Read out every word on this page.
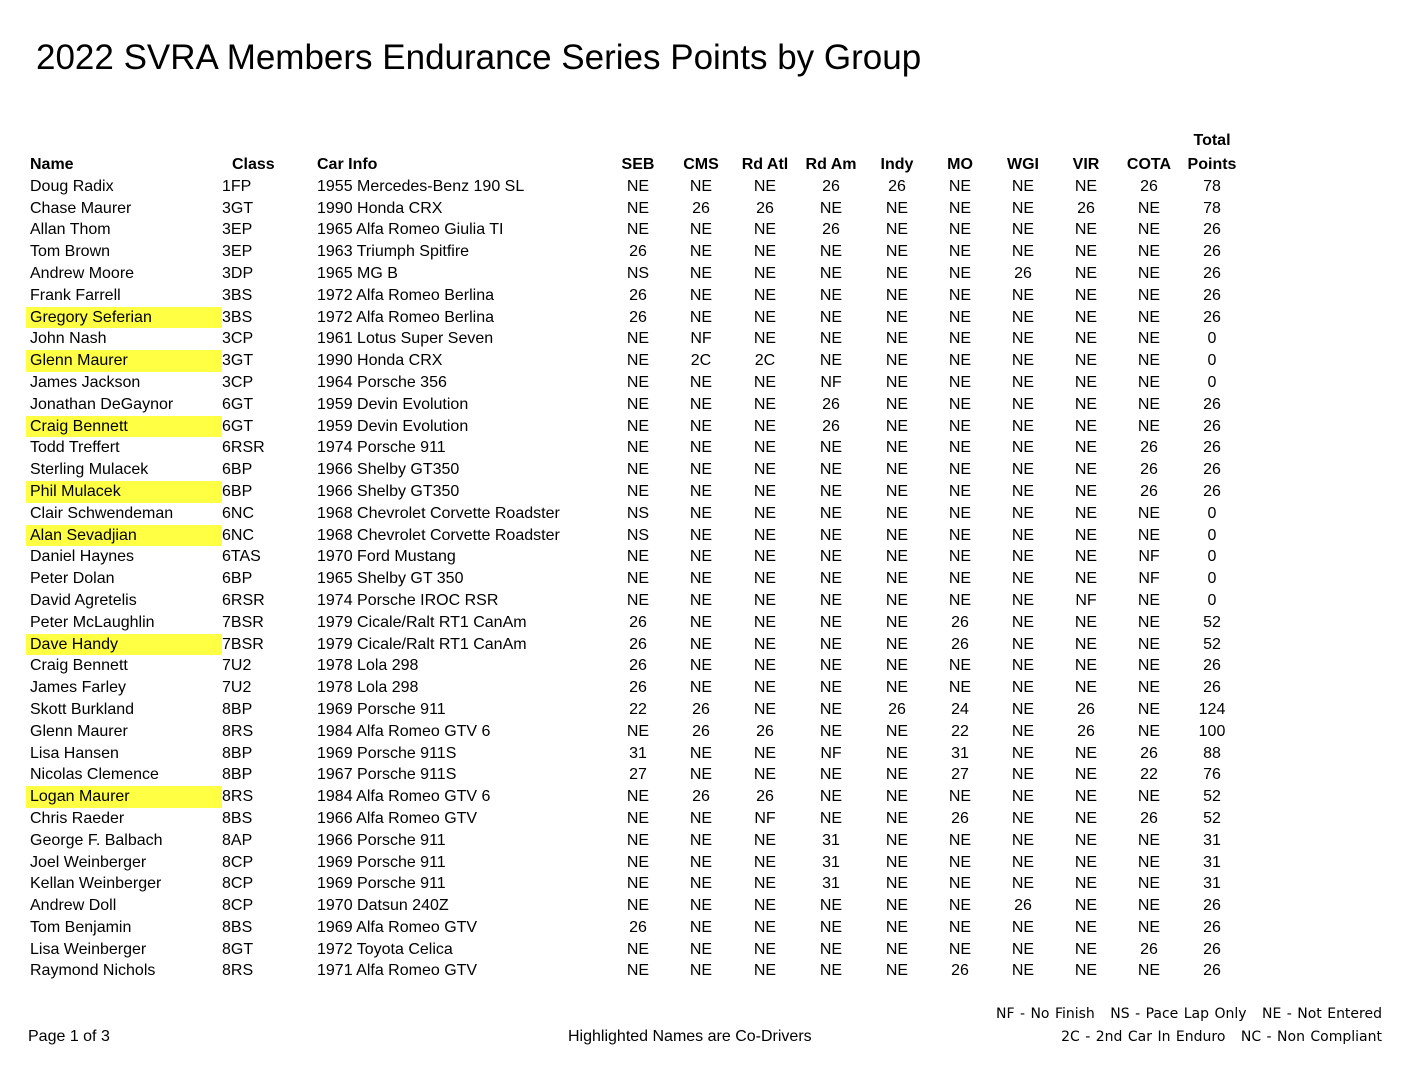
2022 SVRA Members Endurance Series Points by Group
												Total
Name	Class	Car Info	SEB	CMS	Rd Atl	Rd Am	Indy	MO	WGI	VIR	COTA	Points
Doug Radix	1FP	1955 Mercedes-Benz 190 SL	NE	NE	NE	26	26	NE	NE	NE	26	78
Chase Maurer	3GT	1990 Honda CRX	NE	26	26	NE	NE	NE	NE	26	NE	78
Allan Thom	3EP	1965 Alfa Romeo Giulia TI	NE	NE	NE	26	NE	NE	NE	NE	NE	26
Tom Brown	3EP	1963 Triumph Spitfire	26	NE	NE	NE	NE	NE	NE	NE	NE	26
Andrew Moore	3DP	1965 MG B	NS	NE	NE	NE	NE	NE	26	NE	NE	26
Frank Farrell	3BS	1972 Alfa Romeo Berlina	26	NE	NE	NE	NE	NE	NE	NE	NE	26
Gregory Seferian	3BS	1972 Alfa Romeo Berlina	26	NE	NE	NE	NE	NE	NE	NE	NE	26
John Nash	3CP	1961 Lotus Super Seven	NE	NF	NE	NE	NE	NE	NE	NE	NE	0
Glenn Maurer	3GT	1990 Honda CRX	NE	2C	2C	NE	NE	NE	NE	NE	NE	0
James Jackson	3CP	1964 Porsche 356	NE	NE	NE	NF	NE	NE	NE	NE	NE	0
Jonathan DeGaynor	6GT	1959 Devin Evolution	NE	NE	NE	26	NE	NE	NE	NE	NE	26
Craig Bennett	6GT	1959 Devin Evolution	NE	NE	NE	26	NE	NE	NE	NE	NE	26
Todd Treffert	6RSR	1974 Porsche 911	NE	NE	NE	NE	NE	NE	NE	NE	26	26
Sterling Mulacek	6BP	1966 Shelby GT350	NE	NE	NE	NE	NE	NE	NE	NE	26	26
Phil Mulacek	6BP	1966 Shelby GT350	NE	NE	NE	NE	NE	NE	NE	NE	26	26
Clair Schwendeman	6NC	1968 Chevrolet Corvette Roadster	NS	NE	NE	NE	NE	NE	NE	NE	NE	0
Alan Sevadjian	6NC	1968 Chevrolet Corvette Roadster	NS	NE	NE	NE	NE	NE	NE	NE	NE	0
Daniel Haynes	6TAS	1970 Ford Mustang	NE	NE	NE	NE	NE	NE	NE	NE	NF	0
Peter Dolan	6BP	1965 Shelby GT 350	NE	NE	NE	NE	NE	NE	NE	NE	NF	0
David Agretelis	6RSR	1974 Porsche IROC RSR	NE	NE	NE	NE	NE	NE	NE	NF	NE	0
Peter McLaughlin	7BSR	1979 Cicale/Ralt RT1 CanAm	26	NE	NE	NE	NE	26	NE	NE	NE	52
Dave Handy	7BSR	1979 Cicale/Ralt RT1 CanAm	26	NE	NE	NE	NE	26	NE	NE	NE	52
Craig Bennett	7U2	1978 Lola 298	26	NE	NE	NE	NE	NE	NE	NE	NE	26
James Farley	7U2	1978 Lola 298	26	NE	NE	NE	NE	NE	NE	NE	NE	26
Skott Burkland	8BP	1969 Porsche 911	22	26	NE	NE	26	24	NE	26	NE	124
Glenn Maurer	8RS	1984 Alfa Romeo GTV 6	NE	26	26	NE	NE	22	NE	26	NE	100
Lisa Hansen	8BP	1969 Porsche 911S	31	NE	NE	NF	NE	31	NE	NE	26	88
Nicolas Clemence	8BP	1967 Porsche 911S	27	NE	NE	NE	NE	27	NE	NE	22	76
Logan Maurer	8RS	1984 Alfa Romeo GTV 6	NE	26	26	NE	NE	NE	NE	NE	NE	52
Chris Raeder	8BS	1966 Alfa Romeo GTV	NE	NE	NF	NE	NE	26	NE	NE	26	52
George F. Balbach	8AP	1966 Porsche 911	NE	NE	NE	31	NE	NE	NE	NE	NE	31
Joel Weinberger	8CP	1969 Porsche 911	NE	NE	NE	31	NE	NE	NE	NE	NE	31
Kellan Weinberger	8CP	1969 Porsche 911	NE	NE	NE	31	NE	NE	NE	NE	NE	31
Andrew Doll	8CP	1970 Datsun 240Z	NE	NE	NE	NE	NE	NE	26	NE	NE	26
Tom Benjamin	8BS	1969 Alfa Romeo GTV	26	NE	NE	NE	NE	NE	NE	NE	NE	26
Lisa Weinberger	8GT	1972 Toyota Celica	NE	NE	NE	NE	NE	NE	NE	NE	26	26
Raymond Nichols	8RS	1971 Alfa Romeo GTV	NE	NE	NE	NE	NE	26	NE	NE	NE	26
NF - No Finish NS - Pace Lap Only NE - Not Entered
2C - 2nd Car In Enduro NC - Non Compliant
Page 1 of 3	Highlighted Names are Co-Drivers
